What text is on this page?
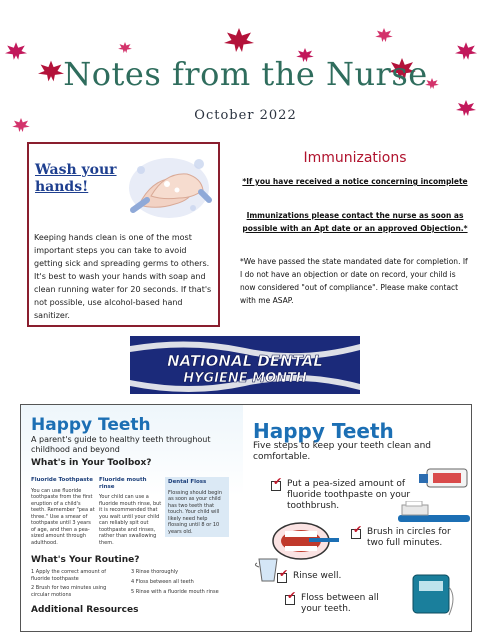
Notes from the Nurse
October 2022
Wash your
hands!
Keeping hands clean is one of the most important steps you can take to avoid getting sick and spreading germs to others. It's best to wash your hands with soap and clean running water for 20 seconds. If that's not possible, use alcohol-based hand sanitizer.
Immunizations
*If you have received a notice concerning incomplete
Immunizations please contact the nurse as soon as possible with an Apt date or an approved Objection.*
*We have passed the state mandated date for completion. If I do not have an objection or date on record, your child is now considered "out of compliance". Please make contact with me ASAP.
NATIONAL DENTAL
HYGIENE MONTH
Happy Teeth
A parent's guide to healthy teeth throughout childhood and beyond
What's in Your Toolbox?
Fluoride Toothpaste
You can use fluoride toothpaste from the first eruption of a child's teeth. Remember "pea at three." Use a smear of toothpaste until 3 years of age, and then a pea-sized amount through adulthood.
Fluoride mouth rinse
Your child can use a fluoride mouth rinse, but it is recommended that you wait until your child can reliably spit out toothpaste and rinses, rather than swallowing them.
Dental Floss
Flossing should begin as soon as your child has two teeth that touch. Your child will likely need help flossing until 8 or 10 years old.
What's Your Routine?
1 Apply the correct amount of fluoride toothpaste
2 Brush for two minutes using circular motions
3 Rinse thoroughly
4 Floss between all teeth
5 Rinse with a fluoride mouth rinse
Additional Resources
Happy Teeth
Five steps to keep your teeth clean and comfortable.
✔ Put a pea-sized amount of fluoride toothpaste on your toothbrush.
✔ Brush in circles for two full minutes.
✔ Rinse well.
✔ Floss between all your teeth.
